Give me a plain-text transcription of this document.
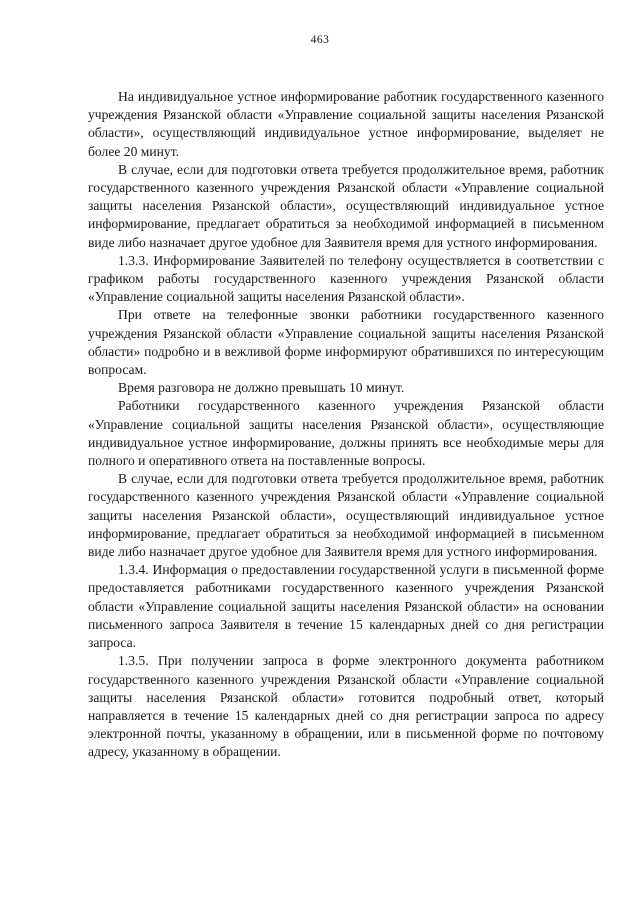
463

На индивидуальное устное информирование работник государственного казенного учреждения Рязанской области «Управление социальной защиты населения Рязанской области», осуществляющий индивидуальное устное информирование, выделяет не более 20 минут.

В случае, если для подготовки ответа требуется продолжительное время, работник государственного казенного учреждения Рязанской области «Управление социальной защиты населения Рязанской области», осуществляющий индивидуальное устное информирование, предлагает обратиться за необходимой информацией в письменном виде либо назначает другое удобное для Заявителя время для устного информирования.

1.3.3. Информирование Заявителей по телефону осуществляется в соответствии с графиком работы государственного казенного учреждения Рязанской области «Управление социальной защиты населения Рязанской области».

При ответе на телефонные звонки работники государственного казенного учреждения Рязанской области «Управление социальной защиты населения Рязанской области» подробно и в вежливой форме информируют обратившихся по интересующим вопросам.

Время разговора не должно превышать 10 минут.

Работники государственного казенного учреждения Рязанской области «Управление социальной защиты населения Рязанской области», осуществляющие индивидуальное устное информирование, должны принять все необходимые меры для полного и оперативного ответа на поставленные вопросы.

В случае, если для подготовки ответа требуется продолжительное время, работник государственного казенного учреждения Рязанской области «Управление социальной защиты населения Рязанской области», осуществляющий индивидуальное устное информирование, предлагает обратиться за необходимой информацией в письменном виде либо назначает другое удобное для Заявителя время для устного информирования.

1.3.4. Информация о предоставлении государственной услуги в письменной форме предоставляется работниками государственного казенного учреждения Рязанской области «Управление социальной защиты населения Рязанской области» на основании письменного запроса Заявителя в течение 15 календарных дней со дня регистрации запроса.

1.3.5. При получении запроса в форме электронного документа работником государственного казенного учреждения Рязанской области «Управление социальной защиты населения Рязанской области» готовится подробный ответ, который направляется в течение 15 календарных дней со дня регистрации запроса по адресу электронной почты, указанному в обращении, или в письменной форме по почтовому адресу, указанному в обращении.
